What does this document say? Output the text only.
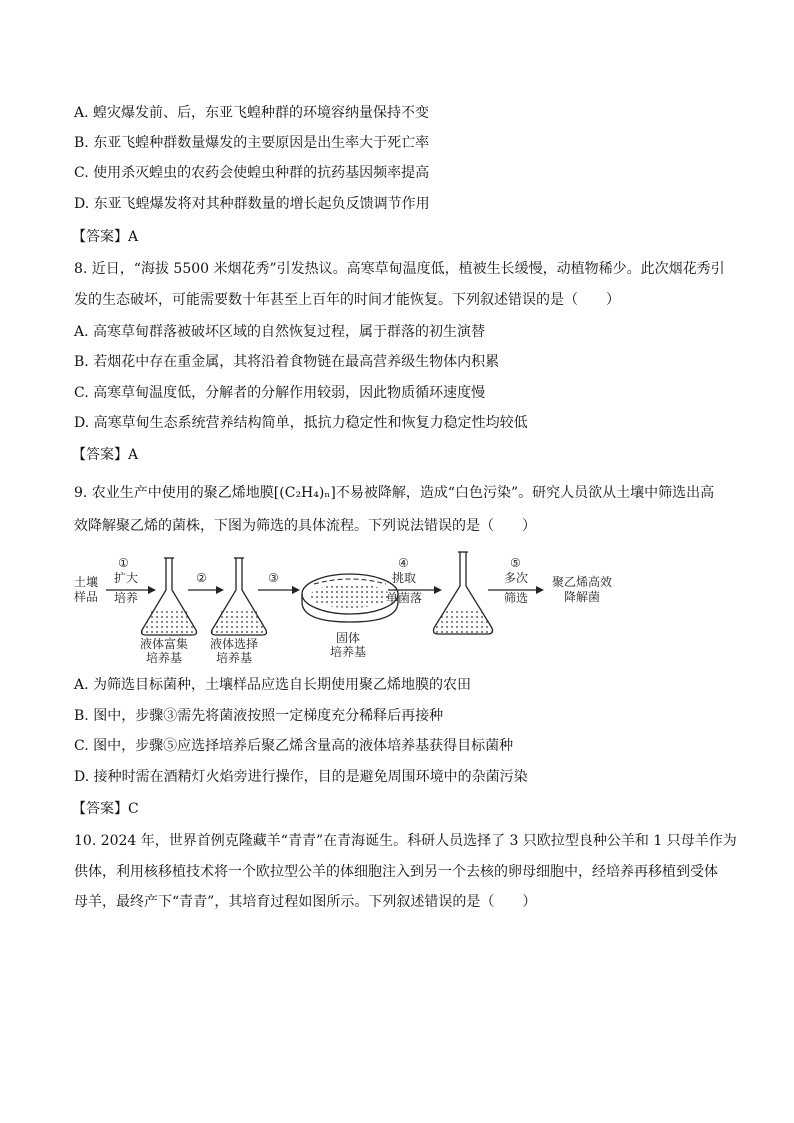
A. 蝗灾爆发前、后，东亚飞蝗种群的环境容纳量保持不变
B. 东亚飞蝗种群数量爆发的主要原因是出生率大于死亡率
C. 使用杀灭蝗虫的农药会使蝗虫种群的抗药基因频率提高
D. 东亚飞蝗爆发将对其种群数量的增长起负反馈调节作用
【答案】A
8. 近日，“海拔 5500 米烟花秀”引发热议。高寒草甸温度低，植被生长缓慢，动植物稀少。此次烟花秀引
发的生态破坏，可能需要数十年甚至上百年的时间才能恢复。下列叙述错误的是（　　）
A. 高寒草甸群落被破坏区域的自然恢复过程，属于群落的初生演替
B. 若烟花中存在重金属，其将沿着食物链在最高营养级生物体内积累
C. 高寒草甸温度低，分解者的分解作用较弱，因此物质循环速度慢
D. 高寒草甸生态系统营养结构简单，抵抗力稳定性和恢复力稳定性均较低
【答案】A
9. 农业生产中使用的聚乙烯地膜[(C₂H₄)ₙ]不易被降解，造成“白色污染”。研究人员欲从土壤中筛选出高
效降解聚乙烯的菌株，下图为筛选的具体流程。下列说法错误的是（　　）
土壤
样品
①
扩大
培养
液体富集
培养基
②
液体选择
培养基
③
固体
培养基
④
挑取
单菌落
⑤
多次
筛选
聚乙烯高效
降解菌
A. 为筛选目标菌种，土壤样品应选自长期使用聚乙烯地膜的农田
B. 图中，步骤③需先将菌液按照一定梯度充分稀释后再接种
C. 图中，步骤⑤应选择培养后聚乙烯含量高的液体培养基获得目标菌种
D. 接种时需在酒精灯火焰旁进行操作，目的是避免周围环境中的杂菌污染
【答案】C
10. 2024 年，世界首例克隆藏羊“青青”在青海诞生。科研人员选择了 3 只欧拉型良种公羊和 1 只母羊作为
供体，利用核移植技术将一个欧拉型公羊的体细胞注入到另一个去核的卵母细胞中，经培养再移植到受体
母羊，最终产下“青青”，其培育过程如图所示。下列叙述错误的是（　　）
